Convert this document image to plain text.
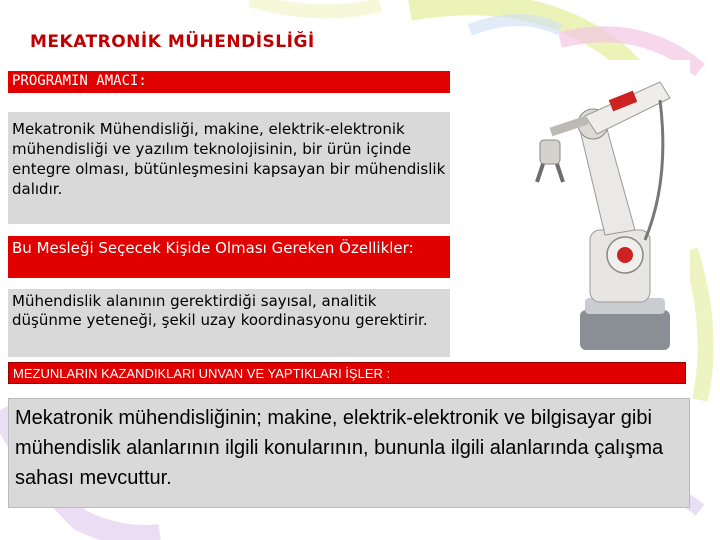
MEKATRONİK MÜHENDİSLİĞİ
PROGRAMIN AMACI:
Mekatronik Mühendisliği, makine, elektrik-elektronik mühendisliği ve yazılım teknolojisinin, bir ürün içinde entegre olması, bütünleşmesini kapsayan bir mühendislik dalıdır.
Bu Mesleği Seçecek Kişide Olması Gereken Özellikler:
Mühendislik alanının gerektirdiği sayısal, analitik düşünme yeteneği, şekil uzay koordinasyonu gerektirir.
MEZUNLARIN KAZANDIKLARI UNVAN VE YAPTIKLARI İŞLER :
Mekatronik mühendisliğinin; makine, elektrik-elektronik ve bilgisayar gibi mühendislik alanlarının ilgili konularının, bununla ilgili alanlarında çalışma sahası mevcuttur.
